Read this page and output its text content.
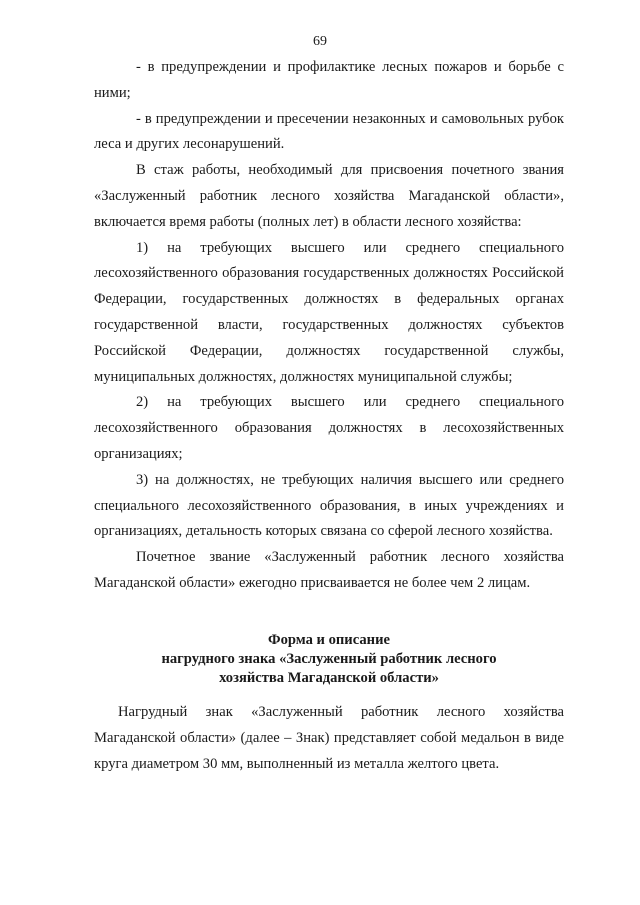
69

- в предупреждении и профилактике лесных пожаров и борьбе с ними;

- в предупреждении и пресечении незаконных и самовольных рубок леса и других лесонарушений.

В стаж работы, необходимый для присвоения почетного звания «Заслуженный работник лесного хозяйства Магаданской области», включается время работы (полных лет) в области лесного хозяйства:

1) на требующих высшего или среднего специального лесохозяйственного образования государственных должностях Российской Федерации, государственных должностях в федеральных органах государственной власти, государственных должностях субъектов Российской Федерации, должностях государственной службы, муниципальных должностях, должностях муниципальной службы;

2) на требующих высшего или среднего специального лесохозяйственного образования должностях в лесохозяйственных организациях;

3) на должностях, не требующих наличия высшего или среднего специального лесохозяйственного образования, в иных учреждениях и организациях, детальность которых связана со сферой лесного хозяйства.

Почетное звание «Заслуженный работник лесного хозяйства Магаданской области» ежегодно присваивается не более чем 2 лицам.

Форма и описание
нагрудного знака «Заслуженный работник лесного
хозяйства Магаданской области»

Нагрудный знак «Заслуженный работник лесного хозяйства Магаданской области» (далее – Знак) представляет собой медальон в виде круга диаметром 30 мм, выполненный из металла желтого цвета.
